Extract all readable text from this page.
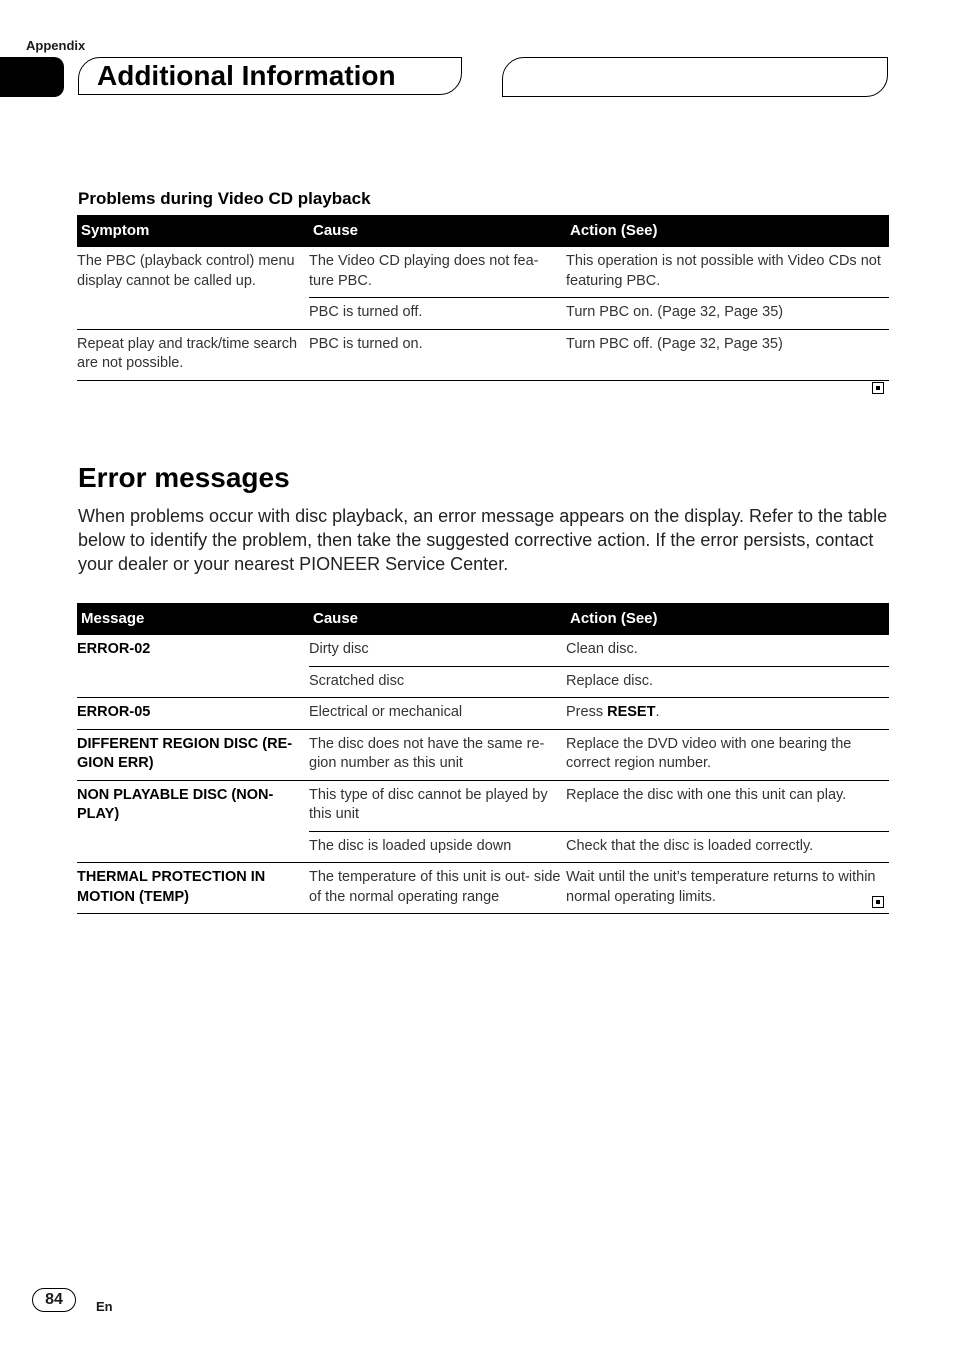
Appendix
Additional Information
Problems during Video CD playback
Symptom	Cause	Action (See)
The PBC (playback control) menu display cannot be called up.	The Video CD playing does not fea- ture PBC.	This operation is not possible with Video CDs not featuring PBC.
	PBC is turned off.	Turn PBC on. (Page 32, Page 35)
Repeat play and track/time search are not possible.	PBC is turned on.	Turn PBC off. (Page 32, Page 35)
Error messages
When problems occur with disc playback, an error message appears on the display. Refer to the table below to identify the problem, then take the suggested corrective action. If the error persists, contact your dealer or your nearest PIONEER Service Center.
Message	Cause	Action (See)
ERROR-02	Dirty disc	Clean disc.
	Scratched disc	Replace disc.
ERROR-05	Electrical or mechanical	Press RESET.
DIFFERENT REGION DISC (RE- GION ERR)	The disc does not have the same re- gion number as this unit	Replace the DVD video with one bearing the correct region number.
NON PLAYABLE DISC (NON- PLAY)	This type of disc cannot be played by this unit	Replace the disc with one this unit can play.
	The disc is loaded upside down	Check that the disc is loaded correctly.
THERMAL PROTECTION IN MOTION (TEMP)	The temperature of this unit is out- side of the normal operating range	Wait until the unit’s temperature returns to within normal operating limits.
84	En
